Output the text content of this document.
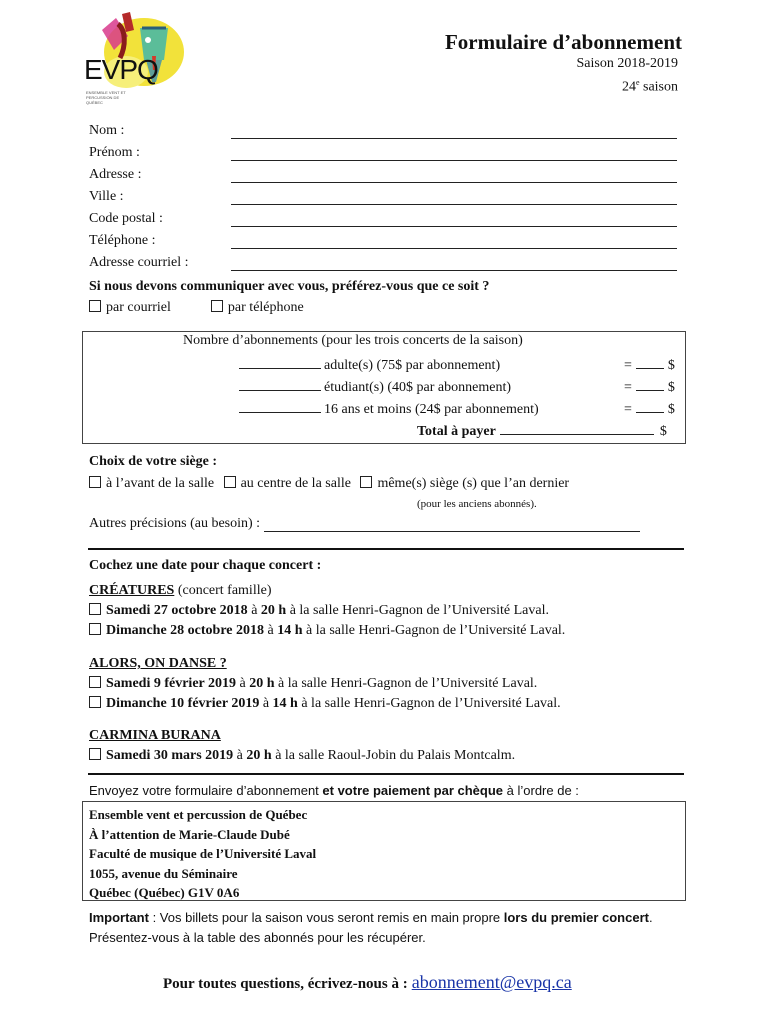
EVPQ
ENSEMBLE VENT ET PERCUSSION DE QUÉBEC
Formulaire d’abonnement
Saison 2018-2019
24e saison
Nom :
Prénom :
Adresse :
Ville :
Code postal :
Téléphone :
Adresse courriel :
Si nous devons communiquer avec vous, préférez-vous que ce soit ?
par courriel	par téléphone
Nombre d’abonnements (pour les trois concerts de la saison)
adulte(s) (75$ par abonnement)	=	$
étudiant(s) (40$ par abonnement)	=	$
16 ans et moins (24$ par abonnement)	=	$
Total à payer	$
Choix de votre siège :
à l’avant de la salle au centre de la salle même(s) siège (s) que l’an dernier
(pour les anciens abonnés).
Autres précisions (au besoin) :
Cochez une date pour chaque concert :
CRÉATURES (concert famille)
Samedi 27 octobre 2018 à 20 h à la salle Henri-Gagnon de l’Université Laval.
Dimanche 28 octobre 2018 à 14 h à la salle Henri-Gagnon de l’Université Laval.
ALORS, ON DANSE ?
Samedi 9 février 2019 à 20 h à la salle Henri-Gagnon de l’Université Laval.
Dimanche 10 février 2019 à 14 h à la salle Henri-Gagnon de l’Université Laval.
CARMINA BURANA
Samedi 30 mars 2019 à 20 h à la salle Raoul-Jobin du Palais Montcalm.
Envoyez votre formulaire d’abonnement et votre paiement par chèque à l’ordre de :
Ensemble vent et percussion de Québec
À l’attention de Marie-Claude Dubé
Faculté de musique de l’Université Laval
1055, avenue du Séminaire
Québec (Québec) G1V 0A6
Important : Vos billets pour la saison vous seront remis en main propre lors du premier concert.
Présentez-vous à la table des abonnés pour les récupérer.
Pour toutes questions, écrivez-nous à : abonnement@evpq.ca
